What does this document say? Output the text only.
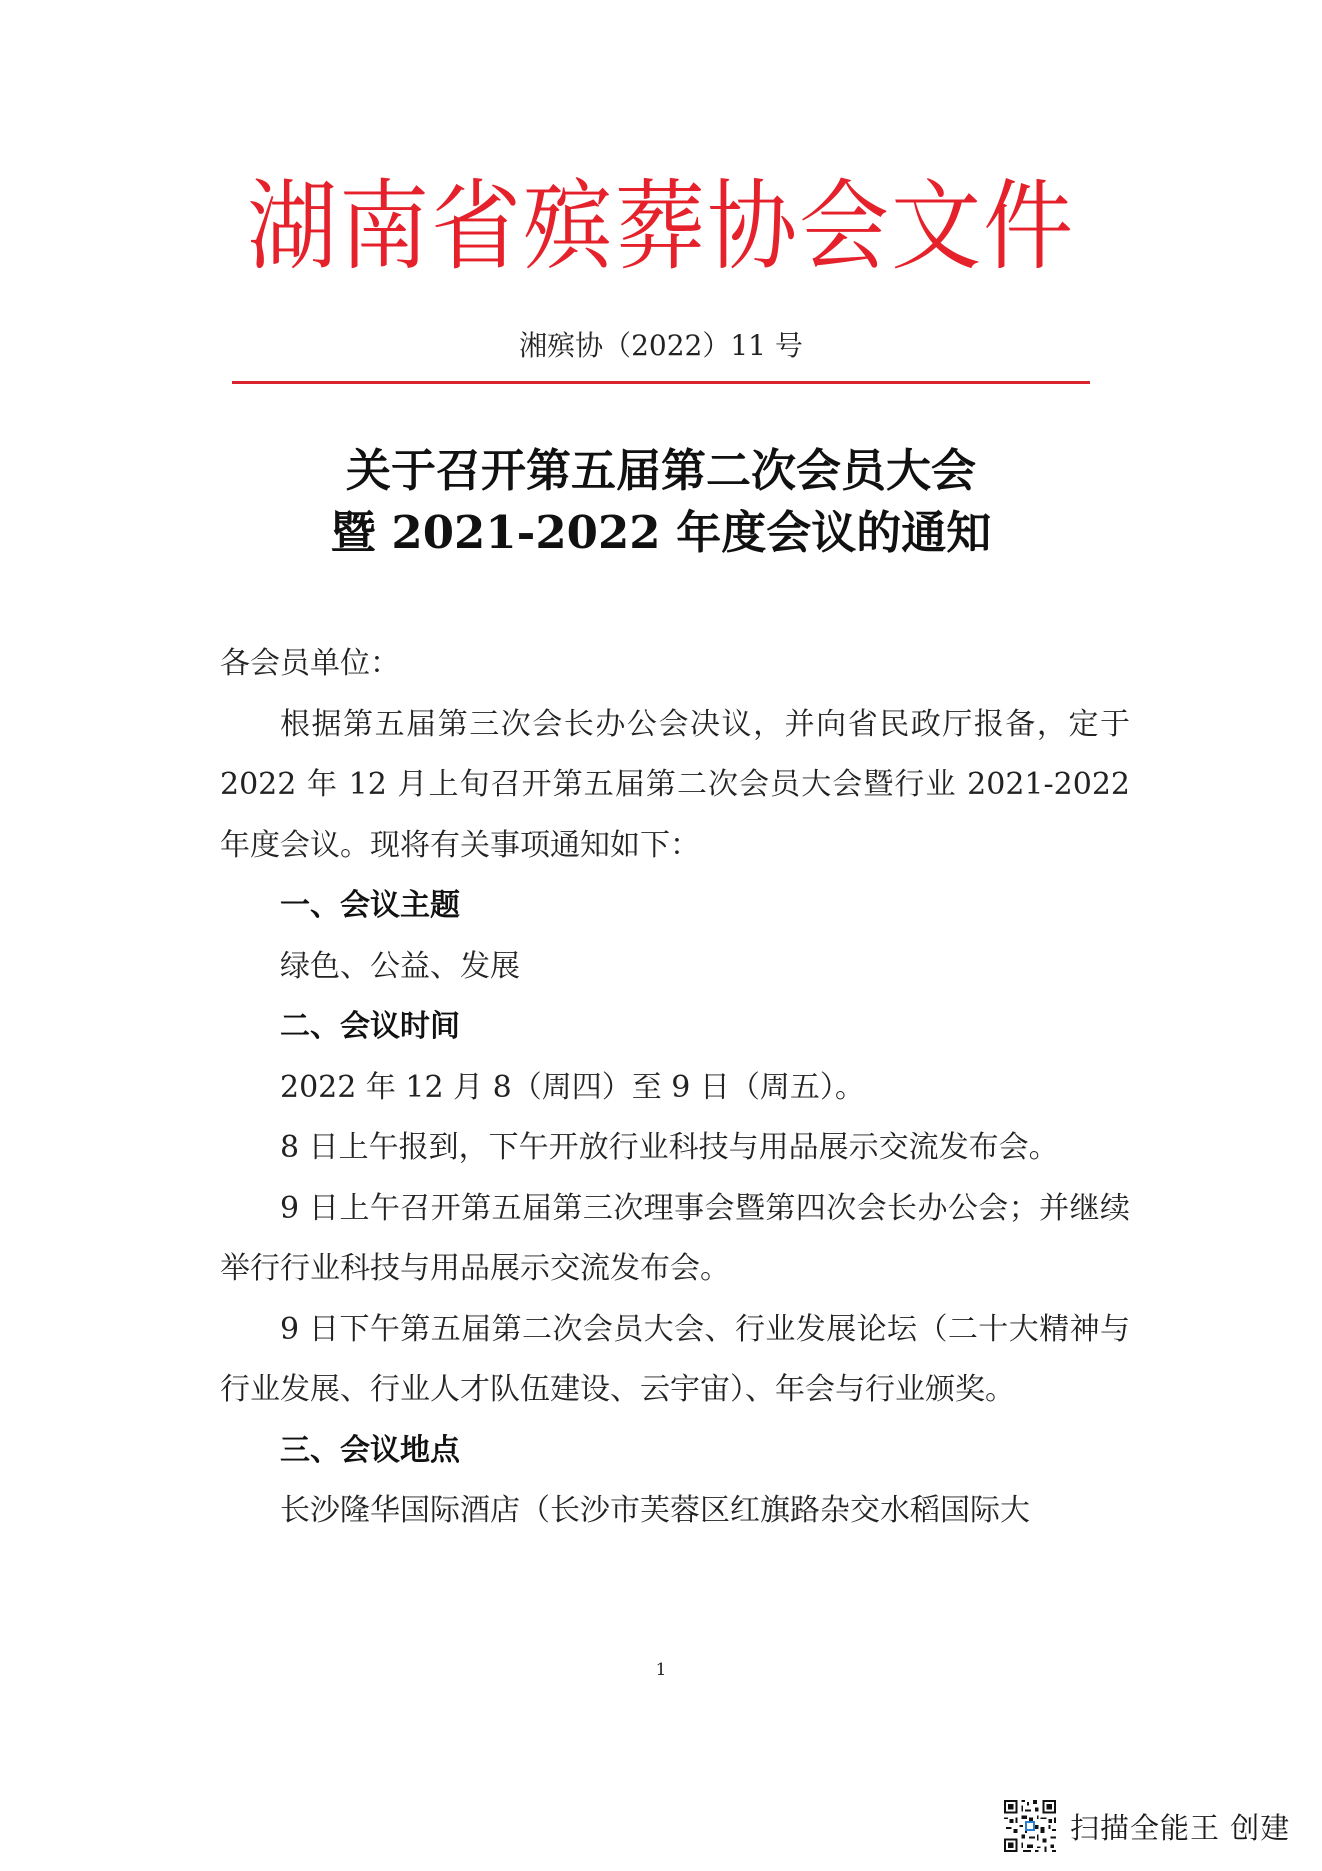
湖南省殡葬协会文件
湘殡协（2022）11 号
关于召开第五届第二次会员大会
暨 2021-2022 年度会议的通知

各会员单位：

根据第五届第三次会长办公会决议，并向省民政厅报备，定于 2022 年 12 月上旬召开第五届第二次会员大会暨行业 2021-2022 年度会议。现将有关事项通知如下：

一、会议主题

绿色、公益、发展

二、会议时间

2022 年 12 月 8（周四）至 9 日（周五）。

8 日上午报到，下午开放行业科技与用品展示交流发布会。

9 日上午召开第五届第三次理事会暨第四次会长办公会；并继续举行行业科技与用品展示交流发布会。

9 日下午第五届第二次会员大会、行业发展论坛（二十大精神与行业发展、行业人才队伍建设、云宇宙）、年会与行业颁奖。

三、会议地点

长沙隆华国际酒店（长沙市芙蓉区红旗路杂交水稻国际大

1
扫描全能王 创建
